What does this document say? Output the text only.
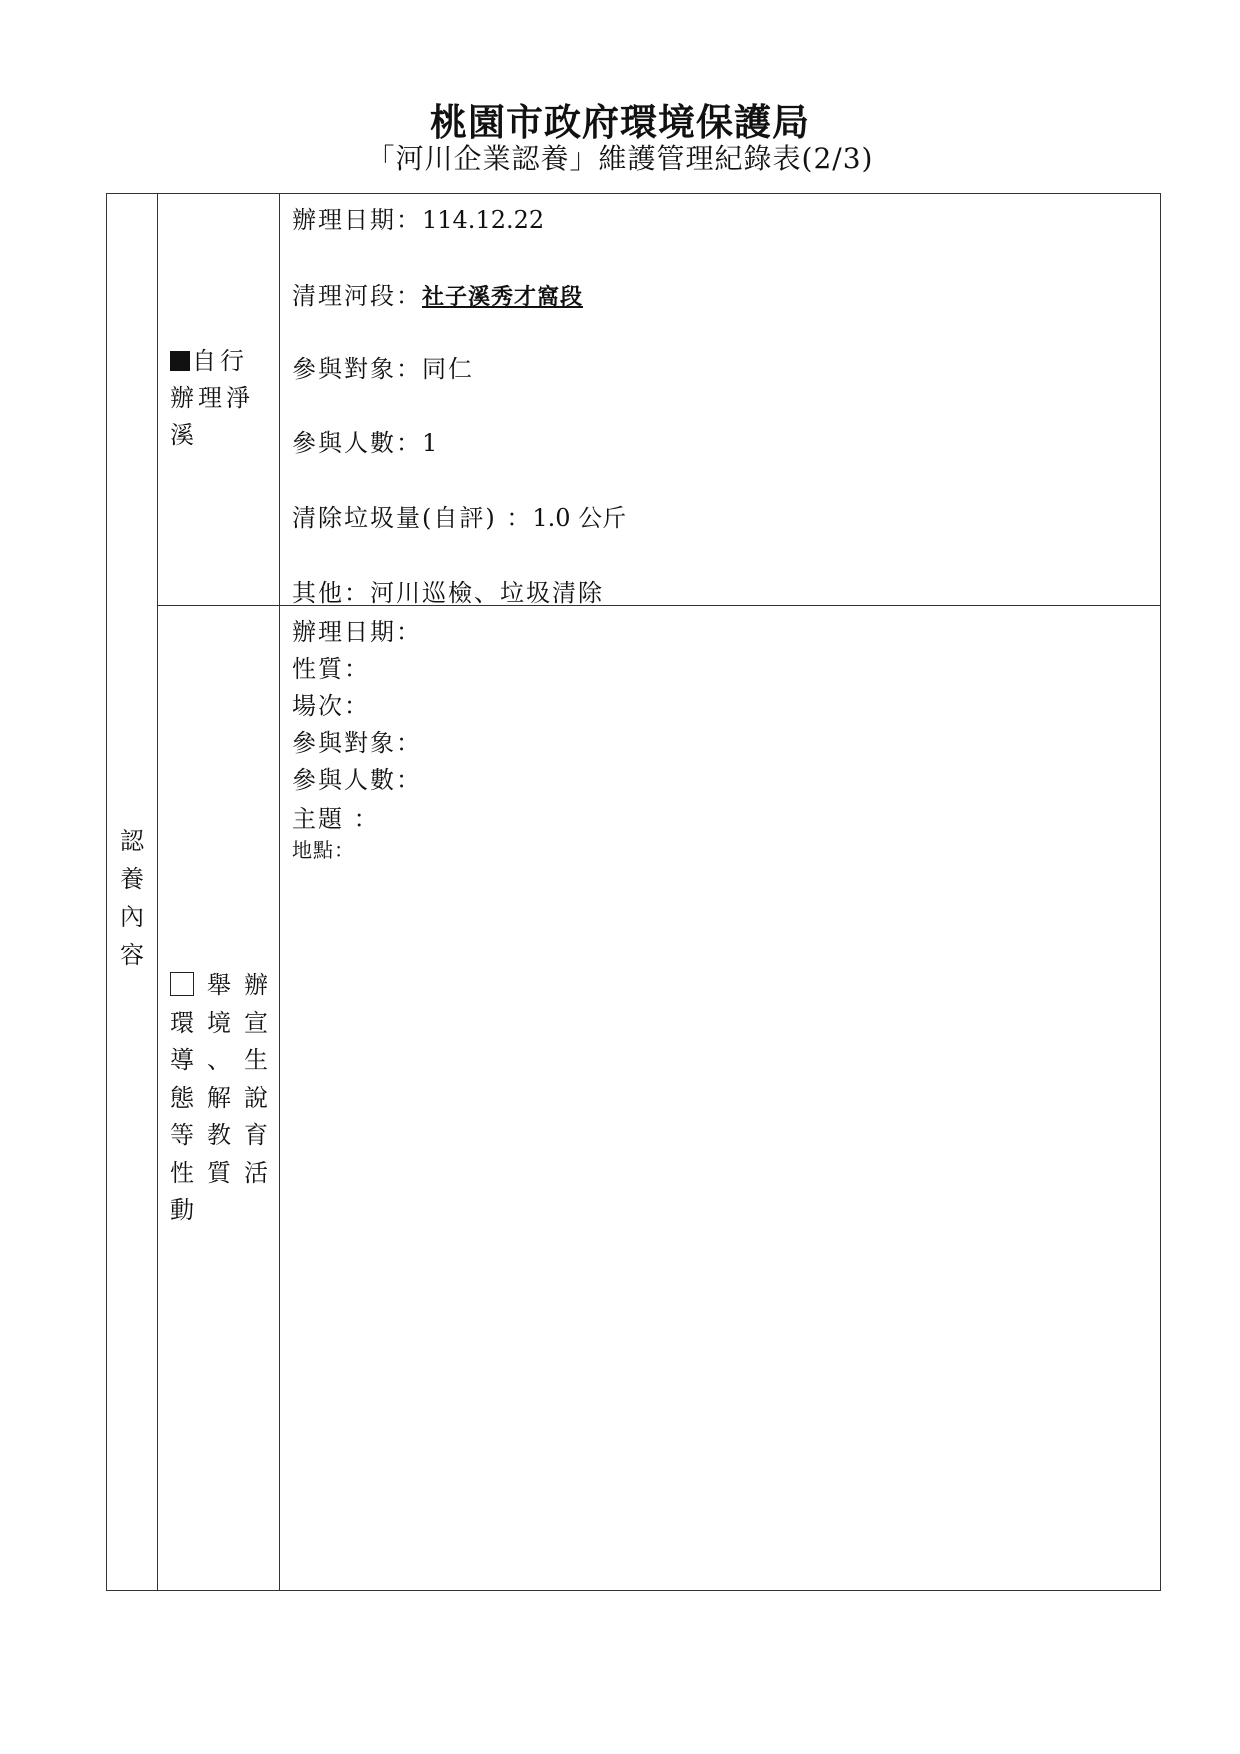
桃園市政府環境保護局
「河川企業認養」維護管理紀錄表(2/3)
認
養
內
容
自行
辦理淨
溪
辦理日期：114.12.22
清理河段：社子溪秀才窩段
參與對象：同仁
參與人數：1
清除垃圾量(自評) ：1.0 公斤
其他：河川巡檢、垃圾清除
舉 辦
環 境 宣
導 、 生
態 解 說
等 教 育
性 質 活
動
辦理日期：
性質：
場次：
參與對象：
參與人數：
主題 ：
地點：
